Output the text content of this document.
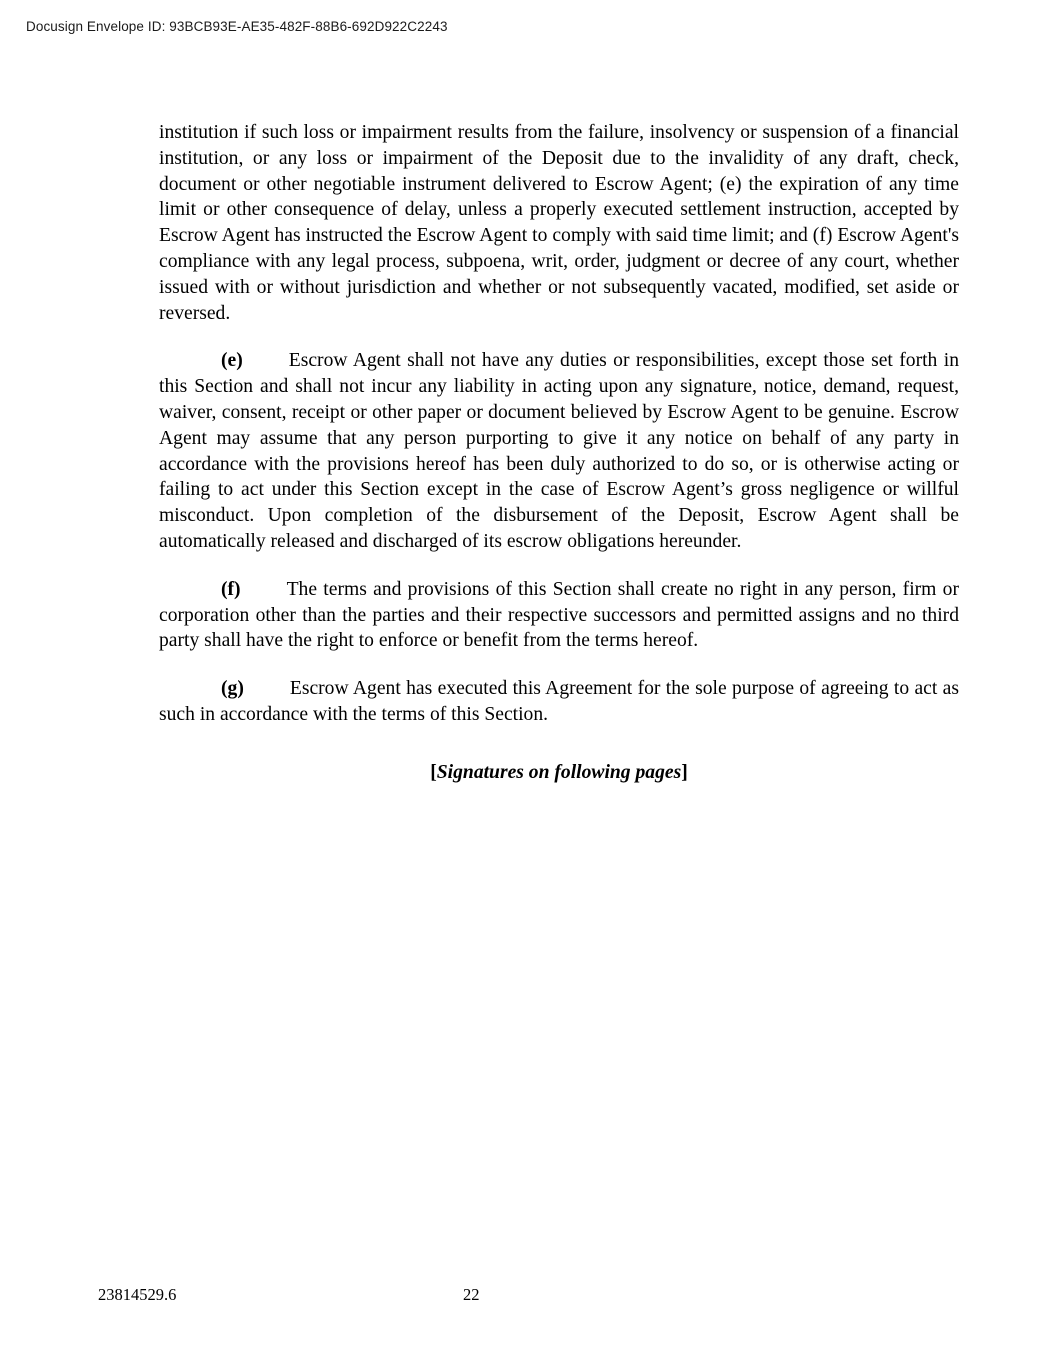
Docusign Envelope ID: 93BCB93E-AE35-482F-88B6-692D922C2243

institution if such loss or impairment results from the failure, insolvency or suspension of a financial institution, or any loss or impairment of the Deposit due to the invalidity of any draft, check, document or other negotiable instrument delivered to Escrow Agent; (e) the expiration of any time limit or other consequence of delay, unless a properly executed settlement instruction, accepted by Escrow Agent has instructed the Escrow Agent to comply with said time limit; and (f) Escrow Agent's compliance with any legal process, subpoena, writ, order, judgment or decree of any court, whether issued with or without jurisdiction and whether or not subsequently vacated, modified, set aside or reversed.

(e) Escrow Agent shall not have any duties or responsibilities, except those set forth in this Section and shall not incur any liability in acting upon any signature, notice, demand, request, waiver, consent, receipt or other paper or document believed by Escrow Agent to be genuine. Escrow Agent may assume that any person purporting to give it any notice on behalf of any party in accordance with the provisions hereof has been duly authorized to do so, or is otherwise acting or failing to act under this Section except in the case of Escrow Agent’s gross negligence or willful misconduct. Upon completion of the disbursement of the Deposit, Escrow Agent shall be automatically released and discharged of its escrow obligations hereunder.

(f) The terms and provisions of this Section shall create no right in any person, firm or corporation other than the parties and their respective successors and permitted assigns and no third party shall have the right to enforce or benefit from the terms hereof.

(g) Escrow Agent has executed this Agreement for the sole purpose of agreeing to act as such in accordance with the terms of this Section.

[Signatures on following pages]

23814529.6	22
